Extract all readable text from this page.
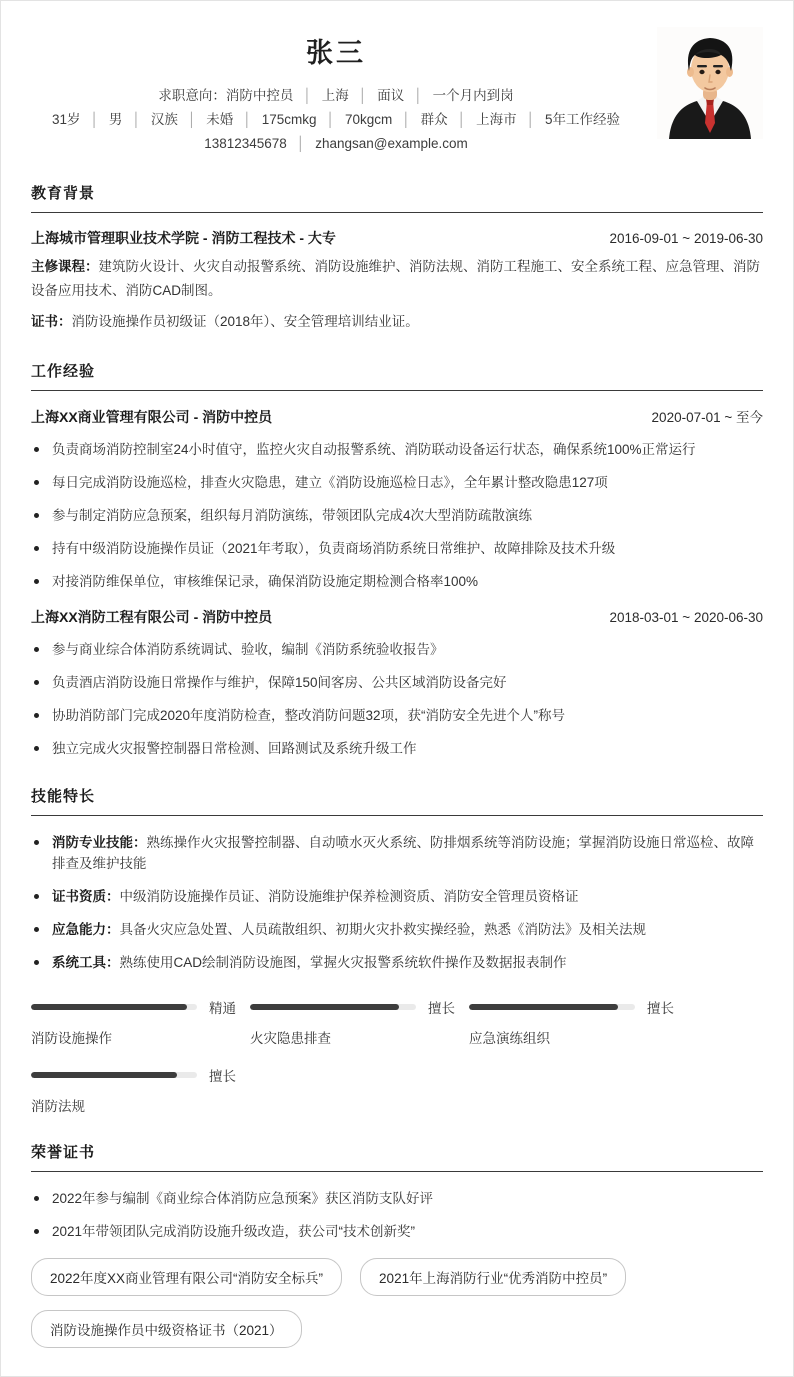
张三
求职意向：消防中控员 │ 上海 │ 面议 │ 一个月内到岗
31岁 │ 男 │ 汉族 │ 未婚 │ 175cmkg │ 70kgcm │ 群众 │ 上海市 │ 5年工作经验
13812345678 │ zhangsan@example.com
教育背景
上海城市管理职业技术学院 - 消防工程技术 - 大专	2016-09-01 ~ 2019-06-30

主修课程：建筑防火设计、火灾自动报警系统、消防设施维护、消防法规、消防工程施工、安全系统工程、应急管理、消防设备应用技术、消防CAD制图。

证书：消防设施操作员初级证（2018年）、安全管理培训结业证。

工作经验
上海XX商业管理有限公司 - 消防中控员	2020-07-01 ~ 至今
负责商场消防控制室24小时值守，监控火灾自动报警系统、消防联动设备运行状态，确保系统100%正常运行
每日完成消防设施巡检，排查火灾隐患，建立《消防设施巡检日志》，全年累计整改隐患127项
参与制定消防应急预案，组织每月消防演练，带领团队完成4次大型消防疏散演练
持有中级消防设施操作员证（2021年考取），负责商场消防系统日常维护、故障排除及技术升级
对接消防维保单位，审核维保记录，确保消防设施定期检测合格率100%
上海XX消防工程有限公司 - 消防中控员	2018-03-01 ~ 2020-06-30
参与商业综合体消防系统调试、验收，编制《消防系统验收报告》
负责酒店消防设施日常操作与维护，保障150间客房、公共区域消防设备完好
协助消防部门完成2020年度消防检查，整改消防问题32项，获“消防安全先进个人”称号
独立完成火灾报警控制器日常检测、回路测试及系统升级工作
技能特长
消防专业技能：熟练操作火灾报警控制器、自动喷水灭火系统、防排烟系统等消防设施；掌握消防设施日常巡检、故障排查及维护技能
证书资质：中级消防设施操作员证、消防设施维护保养检测资质、消防安全管理员资格证
应急能力：具备火灾应急处置、人员疏散组织、初期火灾扑救实操经验，熟悉《消防法》及相关法规
系统工具：熟练使用CAD绘制消防设施图，掌握火灾报警系统软件操作及数据报表制作
精通
消防设施操作
擅长
火灾隐患排查
擅长
应急演练组织
擅长
消防法规
荣誉证书
2022年参与编制《商业综合体消防应急预案》获区消防支队好评
2021年带领团队完成消防设施升级改造，获公司“技术创新奖”
2022年度XX商业管理有限公司“消防安全标兵”	2021年上海消防行业“优秀消防中控员”
消防设施操作员中级资格证书（2021）
